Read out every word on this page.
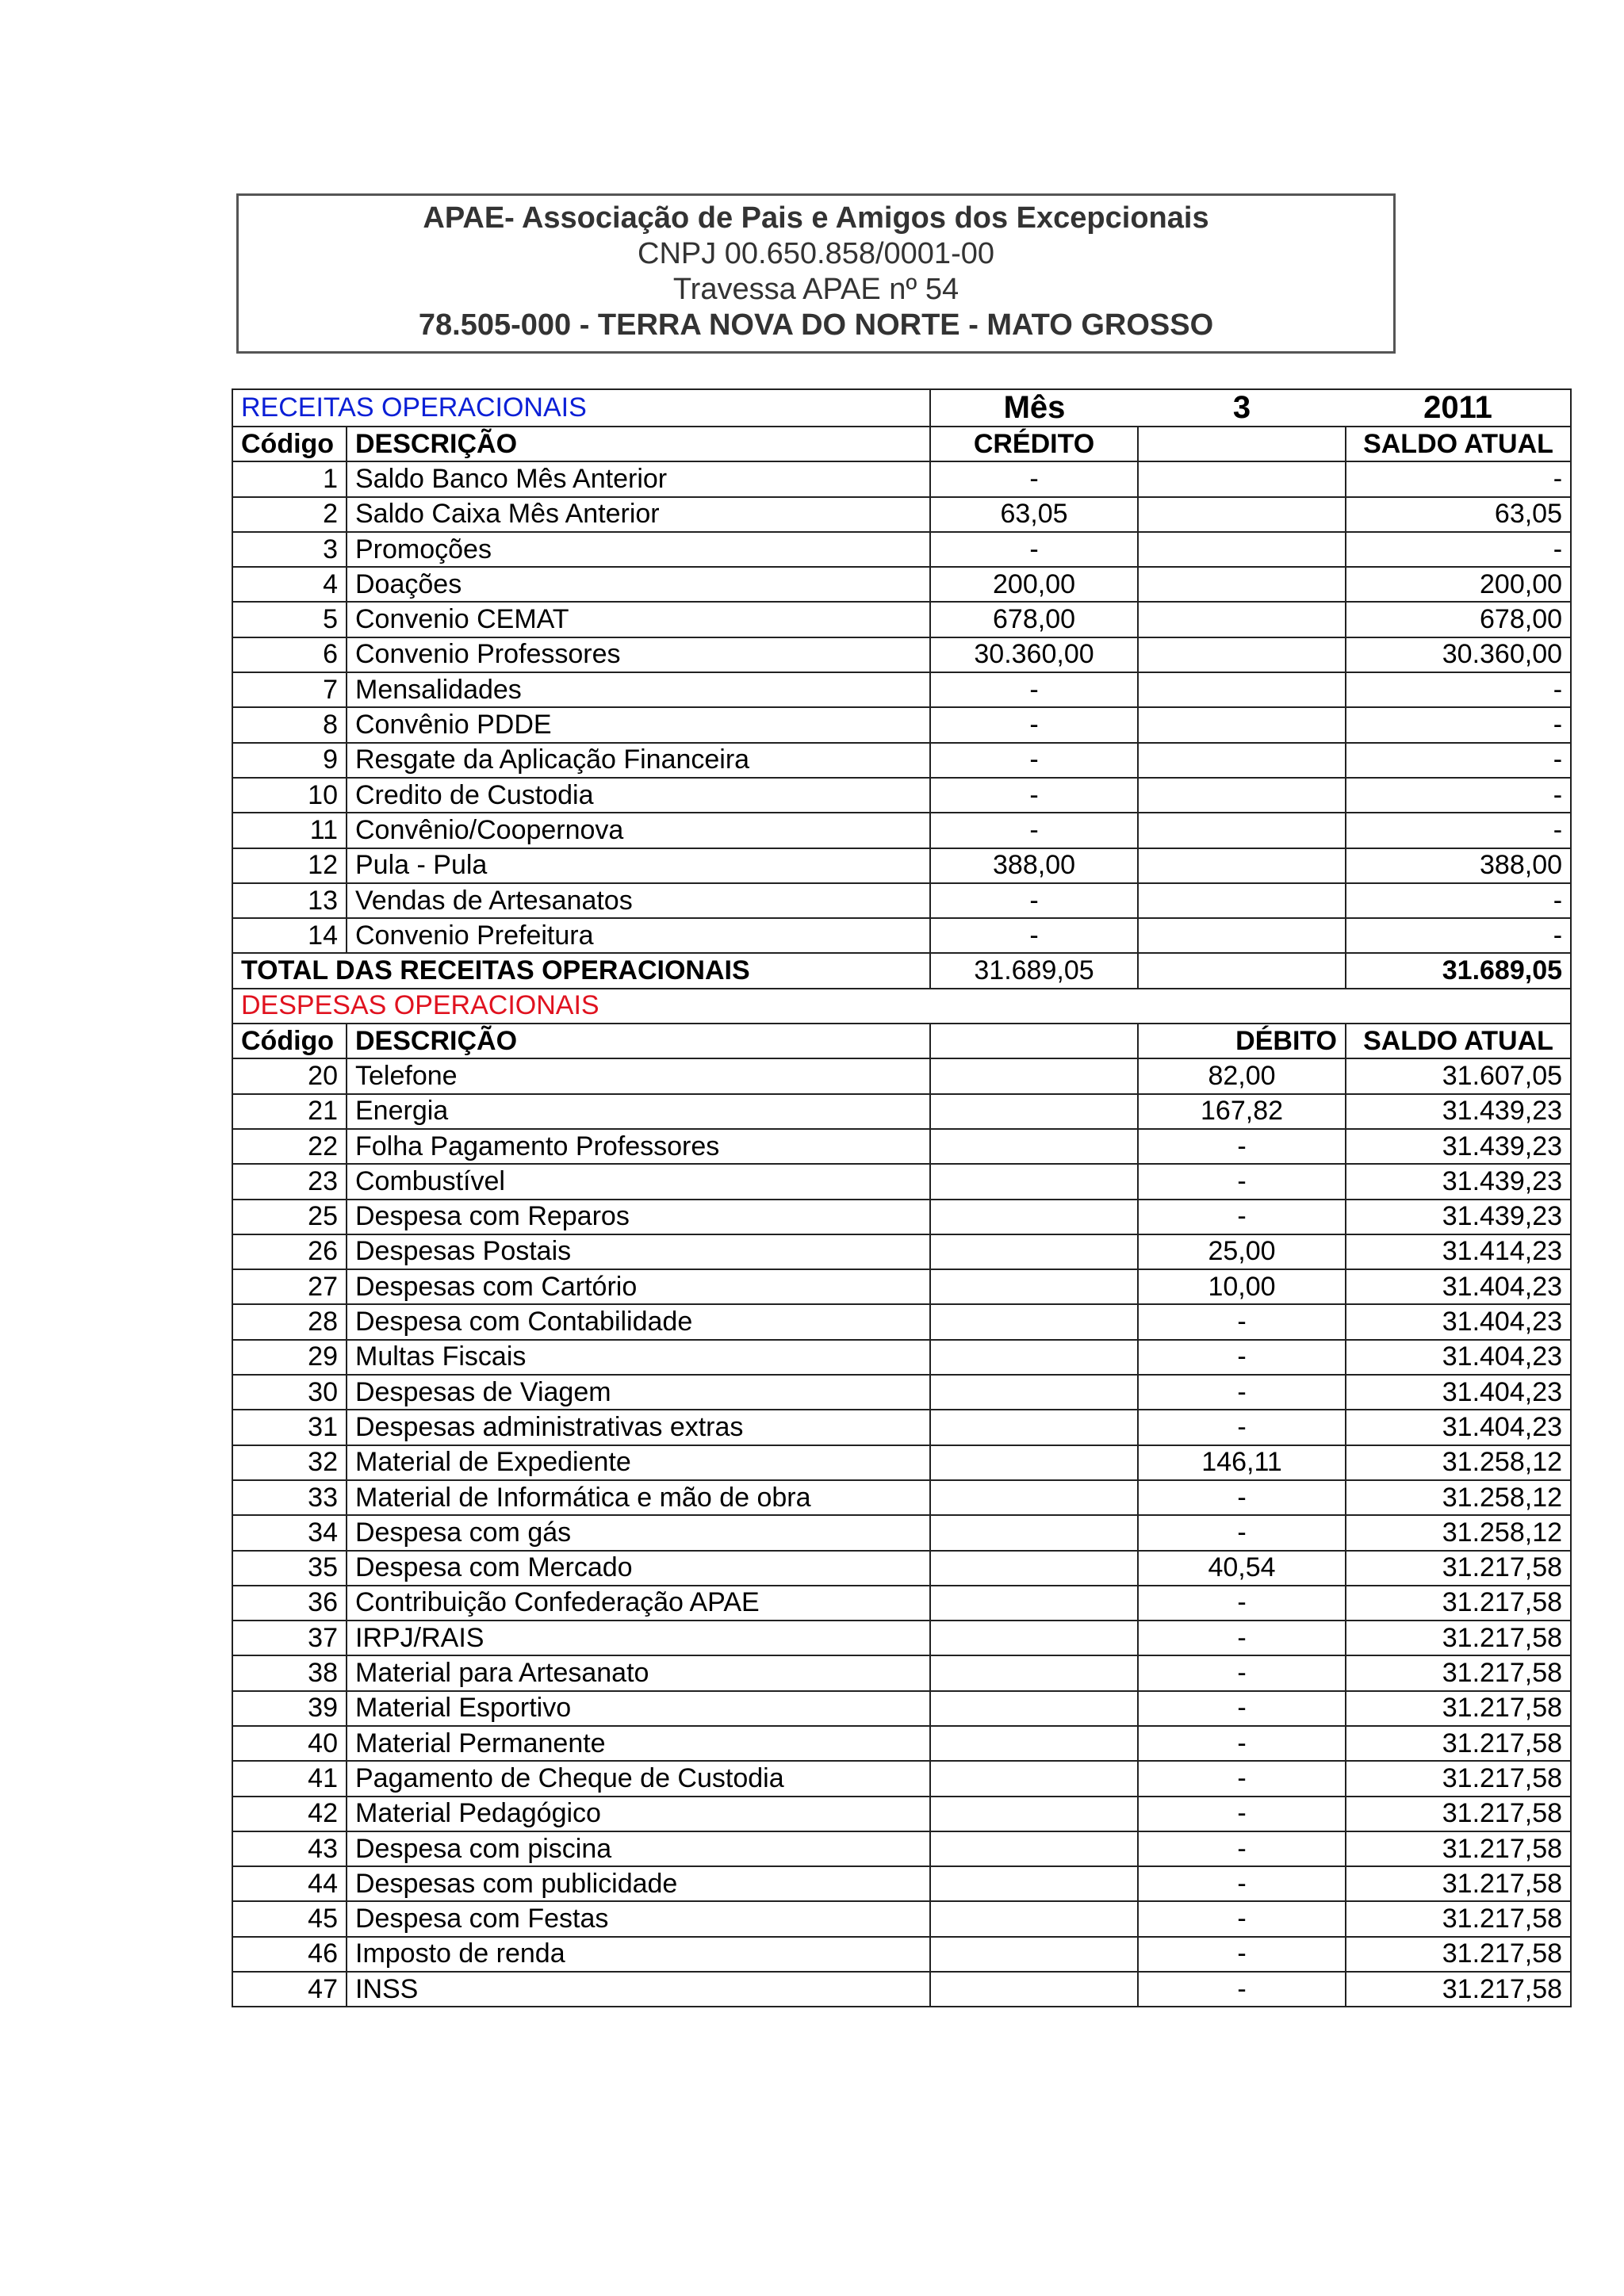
APAE- Associação de Pais e Amigos dos Excepcionais
CNPJ 00.650.858/0001-00
Travessa APAE nº 54
78.505-000 - TERRA NOVA DO NORTE - MATO GROSSO
RECEITAS OPERACIONAIS		Mês	3	2011
Código	DESCRIÇÃO	CRÉDITO		SALDO ATUAL
1	Saldo Banco Mês Anterior	-		-
2	Saldo Caixa Mês Anterior	63,05		63,05
3	Promoções	-		-
4	Doações	200,00		200,00
5	Convenio CEMAT	678,00		678,00
6	Convenio Professores	30.360,00		30.360,00
7	Mensalidades	-		-
8	Convênio PDDE	-		-
9	Resgate da Aplicação Financeira	-		-
10	Credito de Custodia	-		-
11	Convênio/Coopernova	-		-
12	Pula - Pula	388,00		388,00
13	Vendas de Artesanatos	-		-
14	Convenio Prefeitura	-		-
TOTAL DAS RECEITAS OPERACIONAIS		31.689,05		31.689,05
DESPESAS OPERACIONAIS				
Código	DESCRIÇÃO		DÉBITO	SALDO ATUAL
20	Telefone		82,00	31.607,05
21	Energia		167,82	31.439,23
22	Folha Pagamento Professores		-	31.439,23
23	Combustível		-	31.439,23
25	Despesa com Reparos		-	31.439,23
26	Despesas Postais		25,00	31.414,23
27	Despesas com Cartório		10,00	31.404,23
28	Despesa com Contabilidade		-	31.404,23
29	Multas Fiscais		-	31.404,23
30	Despesas de Viagem		-	31.404,23
31	Despesas administrativas extras		-	31.404,23
32	Material de Expediente		146,11	31.258,12
33	Material de Informática e mão de obra		-	31.258,12
34	Despesa com gás		-	31.258,12
35	Despesa com Mercado		40,54	31.217,58
36	Contribuição Confederação APAE		-	31.217,58
37	IRPJ/RAIS		-	31.217,58
38	Material para Artesanato		-	31.217,58
39	Material Esportivo		-	31.217,58
40	Material Permanente		-	31.217,58
41	Pagamento de Cheque de Custodia		-	31.217,58
42	Material Pedagógico		-	31.217,58
43	Despesa com piscina		-	31.217,58
44	Despesas com publicidade		-	31.217,58
45	Despesa com Festas		-	31.217,58
46	Imposto de renda		-	31.217,58
47	INSS		-	31.217,58
